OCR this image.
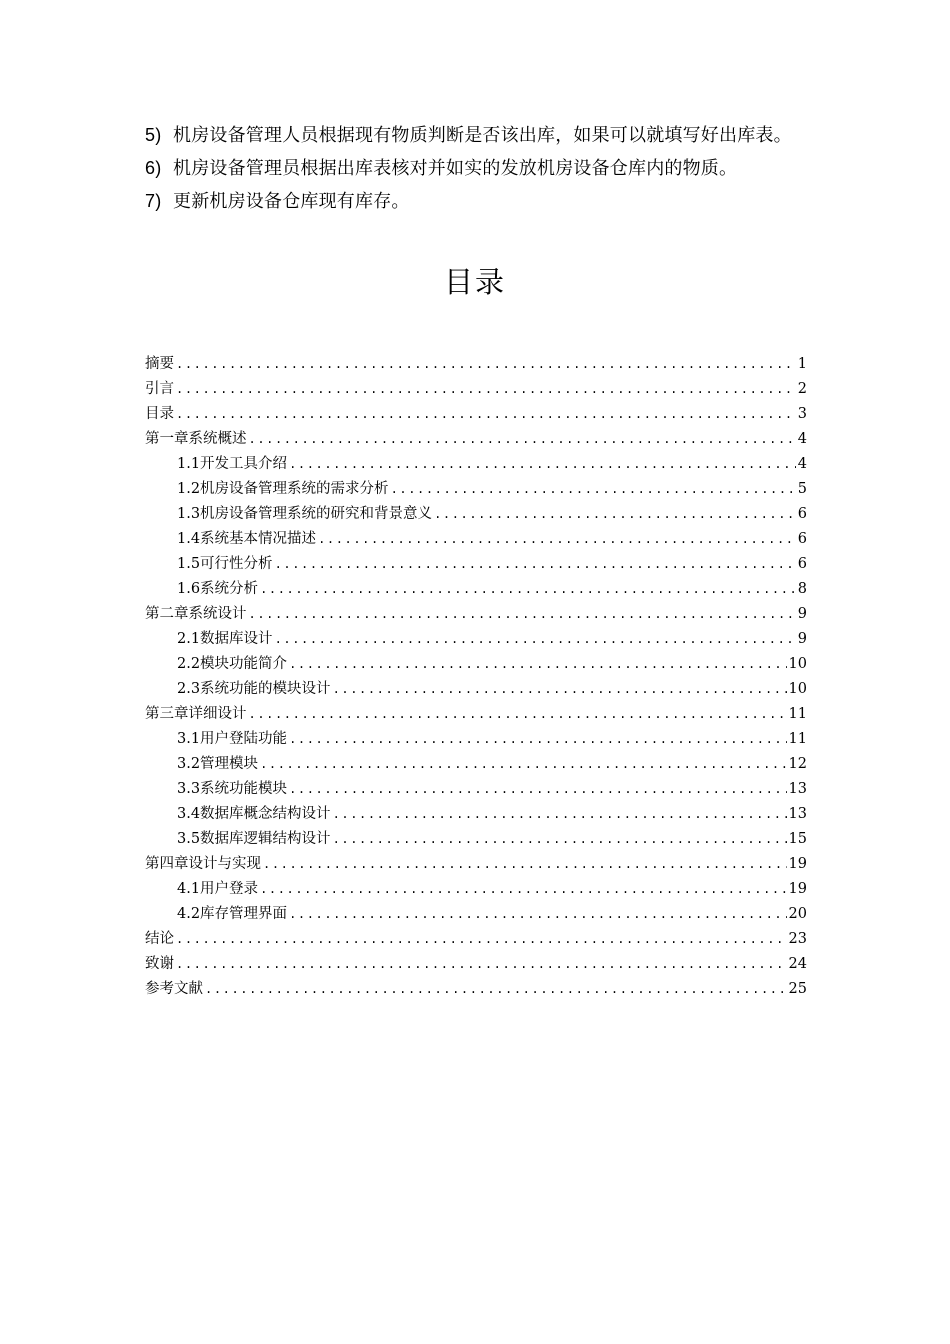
5) 机房设备管理人员根据现有物质判断是否该出库，如果可以就填写好出库表。
6) 机房设备管理员根据出库表核对并如实的发放机房设备仓库内的物质。
7) 更新机房设备仓库现有库存。
目录
摘要 .....	1
引言 .....	2
目录 .....	3
第一章系统概述 .....	4
1.1开发工具介绍 .....	4
1.2机房设备管理系统的需求分析 .....	5
1.3机房设备管理系统的研究和背景意义 .....	6
1.4系统基本情况描述 .....	6
1.5可行性分析 .....	6
1.6系统分析 .....	8
第二章系统设计 .....	9
2.1数据库设计 .....	9
2.2模块功能简介 .....	10
2.3系统功能的模块设计 .....	10
第三章详细设计 .....	11
3.1用户登陆功能 .....	11
3.2管理模块 .....	12
3.3系统功能模块 .....	13
3.4数据库概念结构设计 .....	13
3.5数据库逻辑结构设计 .....	15
第四章设计与实现 .....	19
4.1用户登录 .....	19
4.2库存管理界面 .....	20
结论 .....	23
致谢 .....	24
参考文献 .....	25
